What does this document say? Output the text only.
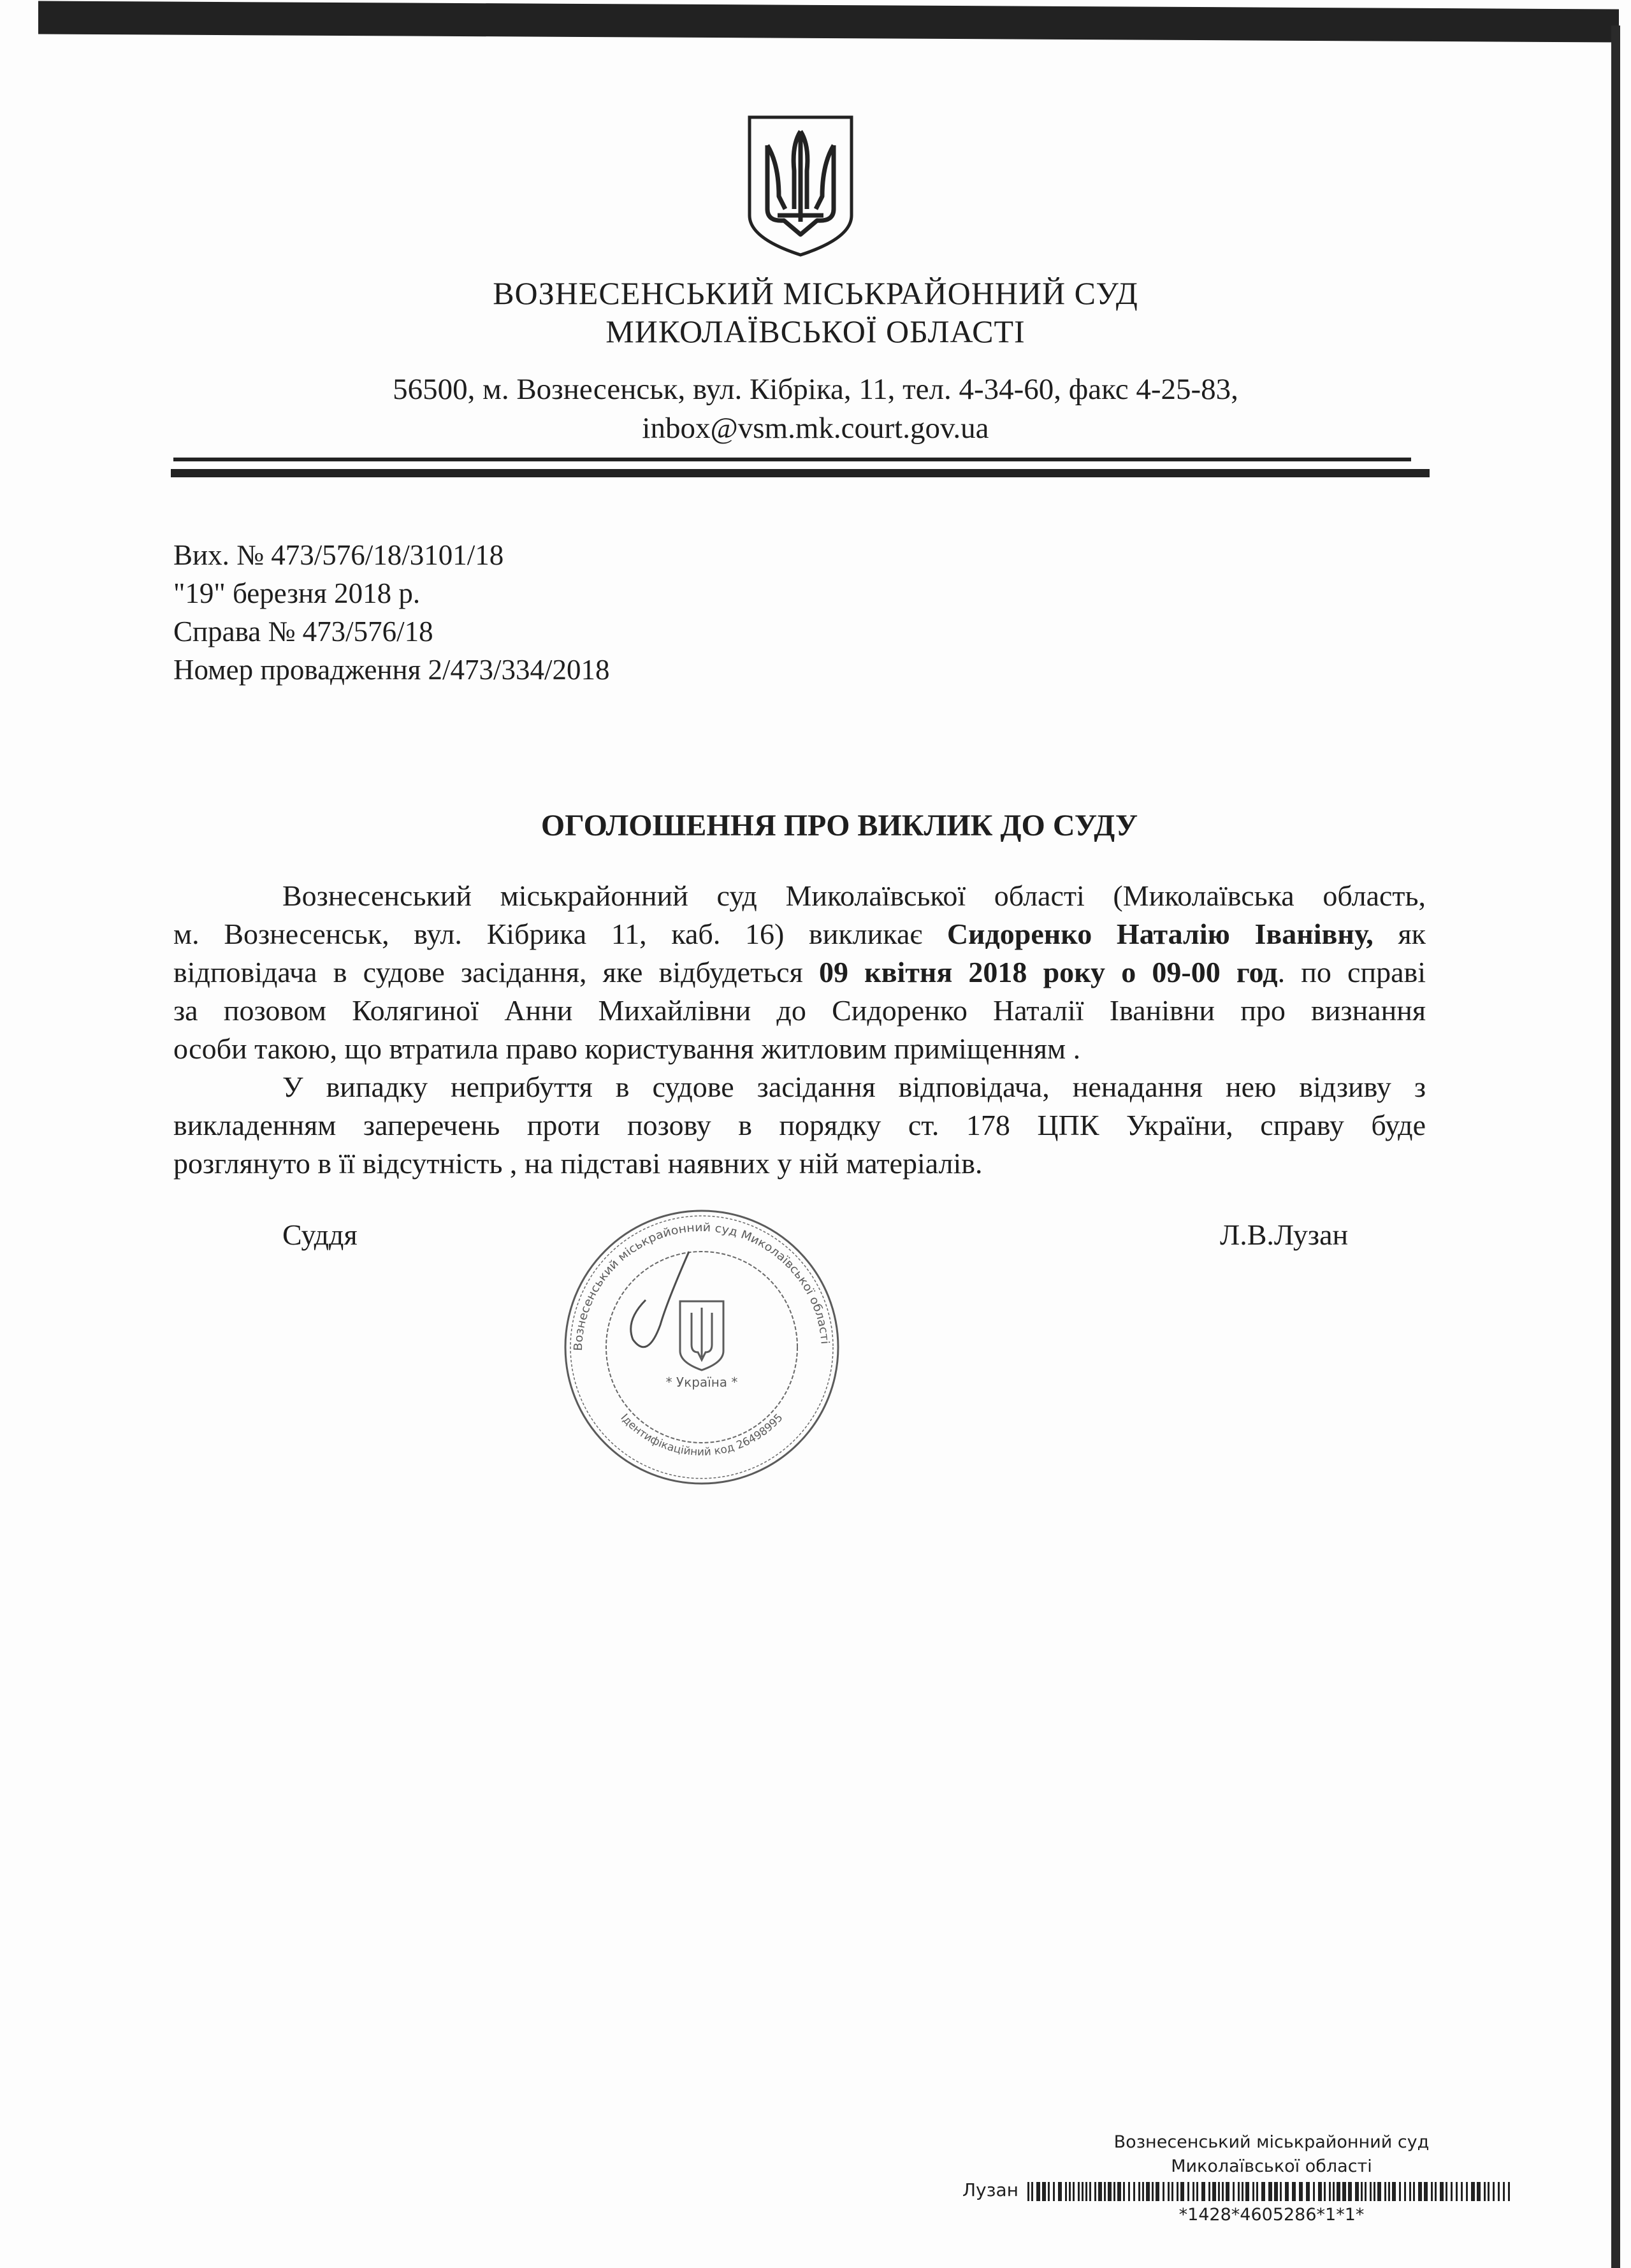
ВОЗНЕСЕНСЬКИЙ МІСЬКРАЙОННИЙ СУД
МИКОЛАЇВСЬКОЇ ОБЛАСТІ
56500, м. Вознесенськ, вул. Кібріка, 11, тел. 4-34-60, факс 4-25-83,
inbox@vsm.mk.court.gov.ua
Вих. № 473/576/18/3101/18
"19" березня 2018 р.
Справа № 473/576/18
Номер провадження 2/473/334/2018
ОГОЛОШЕННЯ ПРО ВИКЛИК ДО СУДУ
Вознесенський міськрайонний суд Миколаївської області (Миколаївська область,
м. Вознесенськ, вул. Кібрика 11, каб. 16) викликає Сидоренко Наталію Іванівну, як
відповідача в судове засідання, яке відбудеться 09 квітня 2018 року о 09-00 год. по справі
за позовом Колягиної Анни Михайлівни до Сидоренко Наталії Іванівни про визнання
особи такою, що втратила право користування житловим приміщенням .
У випадку неприбуття в судове засідання відповідача, ненадання нею відзиву з
викладенням заперечень проти позову в порядку ст. 178 ЦПК України, справу буде
розглянуто в її відсутність , на підставі наявних у ній матеріалів.
Суддя	Л.В.Лузан
Вознесенський міськрайонний суд Миколаївської області
Ідентифікаційний код 26498995
* Україна *
Вознесенський міськрайонний суд
Миколаївської області
Лузан
*1428*4605286*1*1*
